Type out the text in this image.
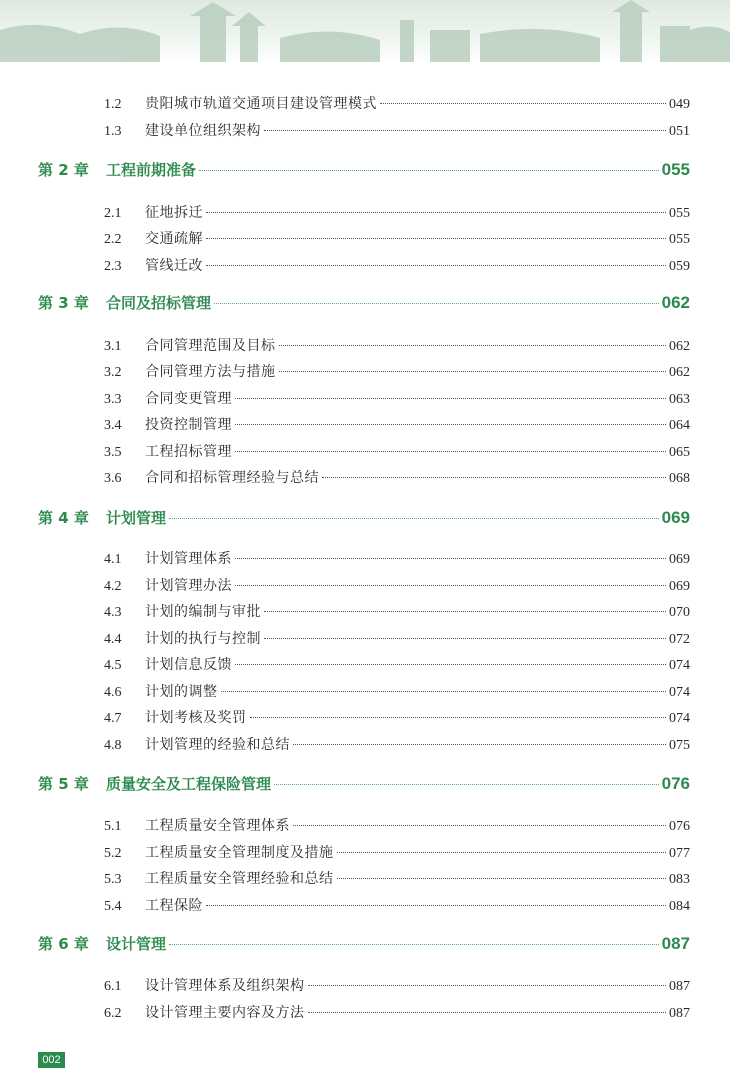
1.2	贵阳城市轨道交通项目建设管理模式	049
1.3	建设单位组织架构	051
第 2 章	工程前期准备	055
2.1	征地拆迁	055
2.2	交通疏解	055
2.3	管线迁改	059
第 3 章	合同及招标管理	062
3.1	合同管理范围及目标	062
3.2	合同管理方法与措施	062
3.3	合同变更管理	063
3.4	投资控制管理	064
3.5	工程招标管理	065
3.6	合同和招标管理经验与总结	068
第 4 章	计划管理	069
4.1	计划管理体系	069
4.2	计划管理办法	069
4.3	计划的编制与审批	070
4.4	计划的执行与控制	072
4.5	计划信息反馈	074
4.6	计划的调整	074
4.7	计划考核及奖罚	074
4.8	计划管理的经验和总结	075
第 5 章	质量安全及工程保险管理	076
5.1	工程质量安全管理体系	076
5.2	工程质量安全管理制度及措施	077
5.3	工程质量安全管理经验和总结	083
5.4	工程保险	084
第 6 章	设计管理	087
6.1	设计管理体系及组织架构	087
6.2	设计管理主要内容及方法	087
002
